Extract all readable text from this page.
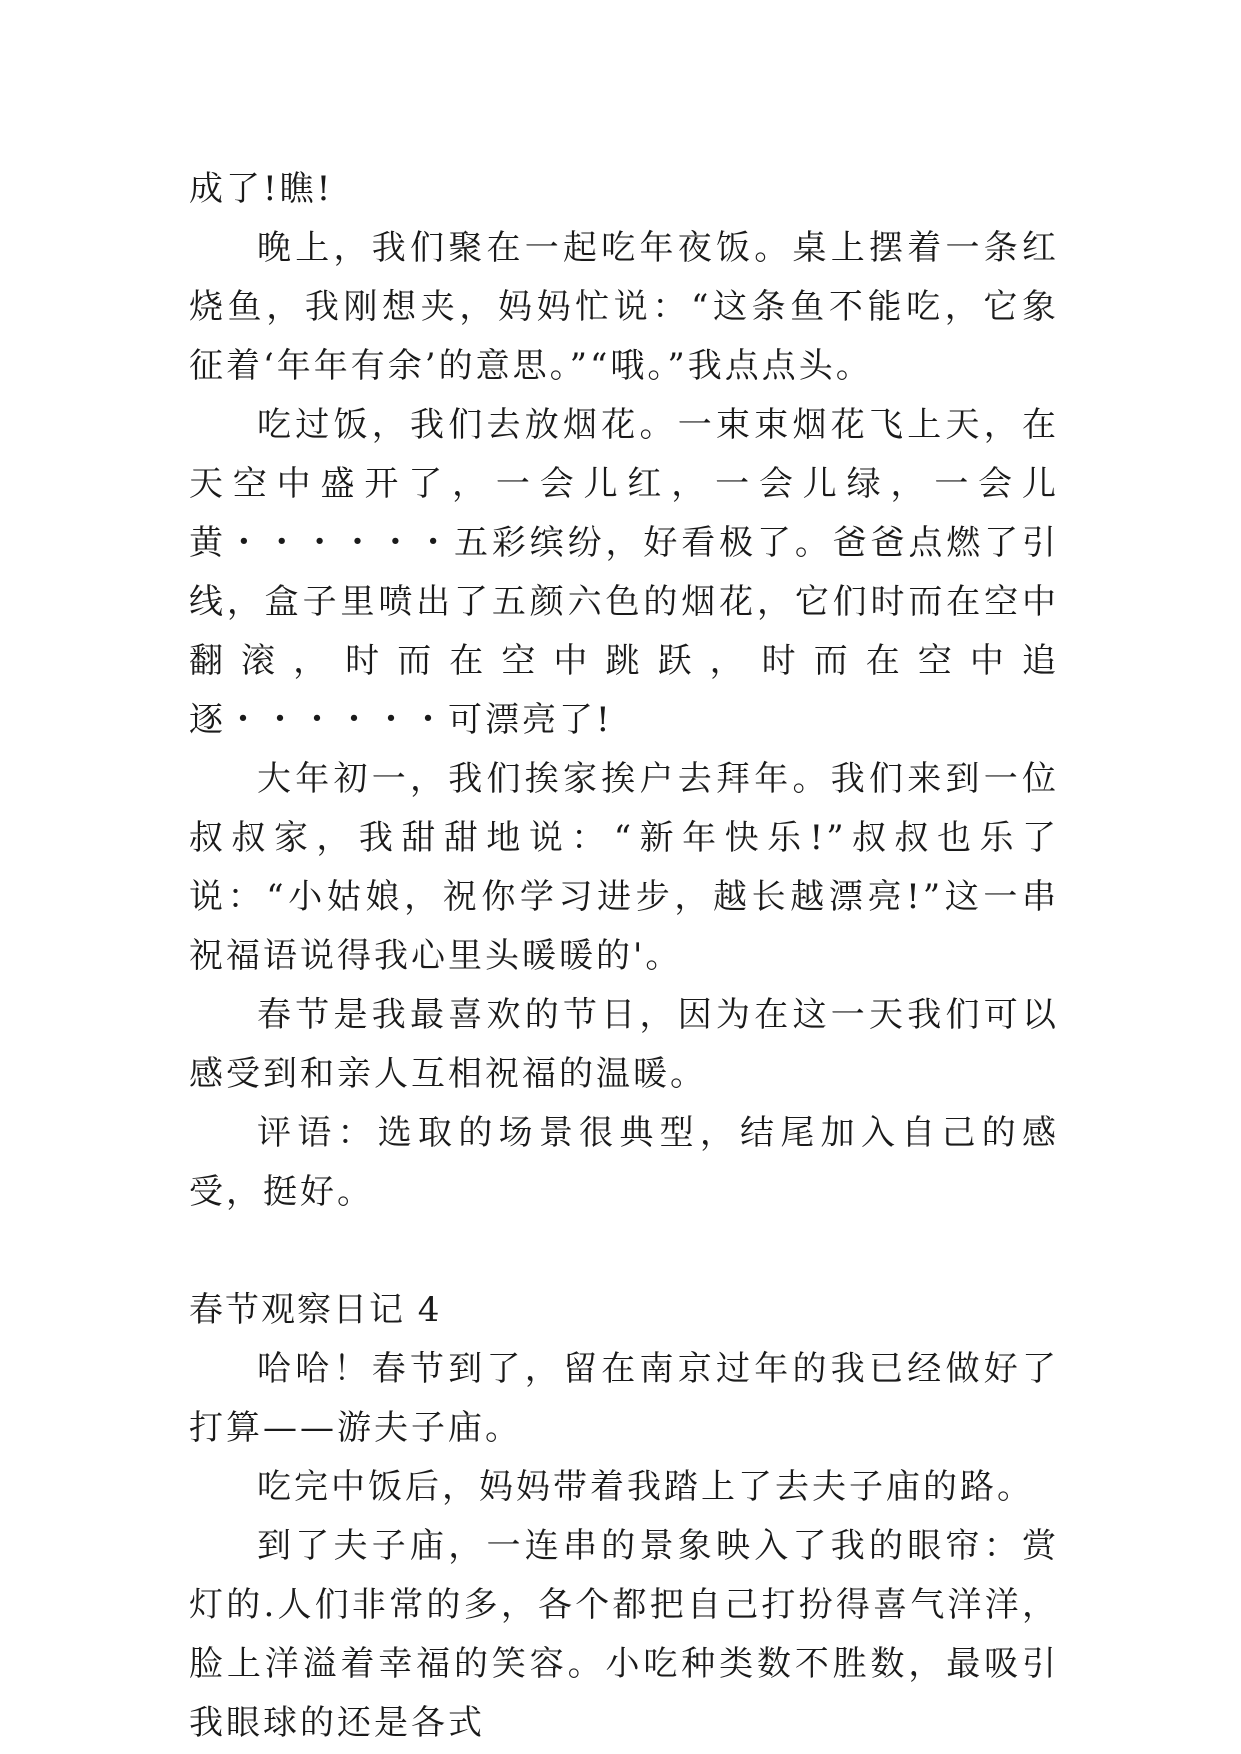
成了!瞧!

晚上，我们聚在一起吃年夜饭。桌上摆着一条红烧鱼，我刚想夹，妈妈忙说：“这条鱼不能吃，它象征着‘年年有余’的意思。”“哦。”我点点头。

吃过饭，我们去放烟花。一束束烟花飞上天，在天空中盛开了，一会儿红，一会儿绿，一会儿黄・・・・・・五彩缤纷，好看极了。爸爸点燃了引线，盒子里喷出了五颜六色的烟花，它们时而在空中翻滚，时而在空中跳跃，时而在空中追逐・・・・・・可漂亮了!

大年初一，我们挨家挨户去拜年。我们来到一位叔叔家，我甜甜地说：“新年快乐!”叔叔也乐了说：“小姑娘，祝你学习进步，越长越漂亮!”这一串祝福语说得我心里头暖暖的'。

春节是我最喜欢的节日，因为在这一天我们可以感受到和亲人互相祝福的温暖。

评语：选取的场景很典型，结尾加入自己的感受，挺好。

春节观察日记 4

哈哈！春节到了，留在南京过年的我已经做好了打算——游夫子庙。

吃完中饭后，妈妈带着我踏上了去夫子庙的路。

到了夫子庙，一连串的景象映入了我的眼帘：赏灯的.人们非常的多，各个都把自己打扮得喜气洋洋，脸上洋溢着幸福的笑容。小吃种类数不胜数，最吸引我眼球的还是各式
